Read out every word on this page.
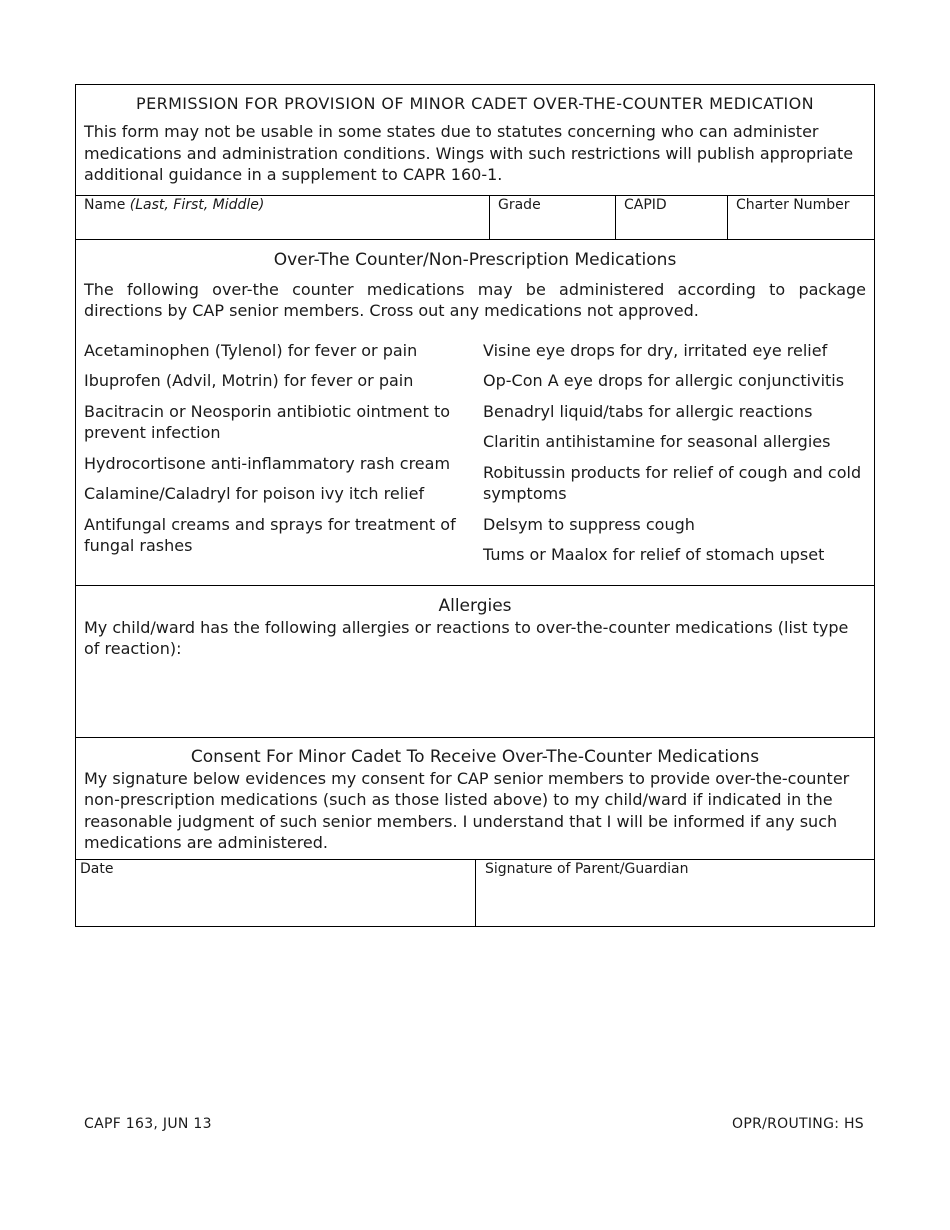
PERMISSION FOR PROVISION OF MINOR CADET OVER-THE-COUNTER MEDICATION
This form may not be usable in some states due to statutes concerning who can administer medications and administration conditions. Wings with such restrictions will publish appropriate additional guidance in a supplement to CAPR 160-1.
Name (Last, First, Middle)	Grade	CAPID	Charter Number
Over-The Counter/Non-Prescription Medications
The following over-the counter medications may be administered according to package directions by CAP senior members. Cross out any medications not approved.
Acetaminophen (Tylenol) for fever or pain
Ibuprofen (Advil, Motrin) for fever or pain
Bacitracin or Neosporin antibiotic ointment to prevent infection
Hydrocortisone anti-inflammatory rash cream
Calamine/Caladryl for poison ivy itch relief
Antifungal creams and sprays for treatment of fungal rashes
Visine eye drops for dry, irritated eye relief
Op-Con A eye drops for allergic conjunctivitis
Benadryl liquid/tabs for allergic reactions
Claritin antihistamine for seasonal allergies
Robitussin products for relief of cough and cold symptoms
Delsym to suppress cough
Tums or Maalox for relief of stomach upset
Allergies
My child/ward has the following allergies or reactions to over-the-counter medications (list type of reaction):
Consent For Minor Cadet To Receive Over-The-Counter Medications
My signature below evidences my consent for CAP senior members to provide over-the-counter non-prescription medications (such as those listed above) to my child/ward if indicated in the reasonable judgment of such senior members. I understand that I will be informed if any such medications are administered.
Date	Signature of Parent/Guardian
CAPF 163, JUN 13	OPR/ROUTING: HS
